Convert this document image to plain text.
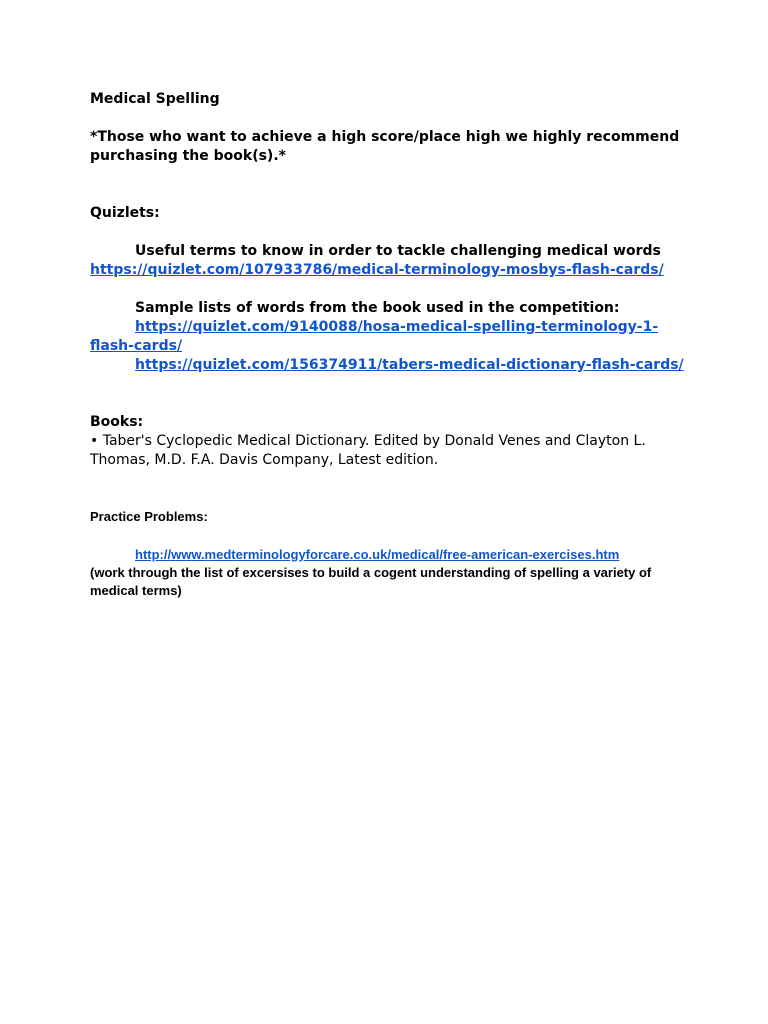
Medical Spelling

*Those who want to achieve a high score/place high we highly recommend purchasing the book(s).*

Quizlets:

Useful terms to know in order to tackle challenging medical words

https://quizlet.com/107933786/medical-terminology-mosbys-flash-cards/

Sample lists of words from the book used in the competition:

https://quizlet.com/9140088/hosa-medical-spelling-terminology-1-flash-cards/

https://quizlet.com/156374911/tabers-medical-dictionary-flash-cards/

Books:

• Taber's Cyclopedic Medical Dictionary. Edited by Donald Venes and Clayton L. Thomas, M.D. F.A. Davis Company, Latest edition.

Practice Problems:

http://www.medterminologyforcare.co.uk/medical/free-american-exercises.htm

(work through the list of excersises to build a cogent understanding of spelling a variety of medical terms)
